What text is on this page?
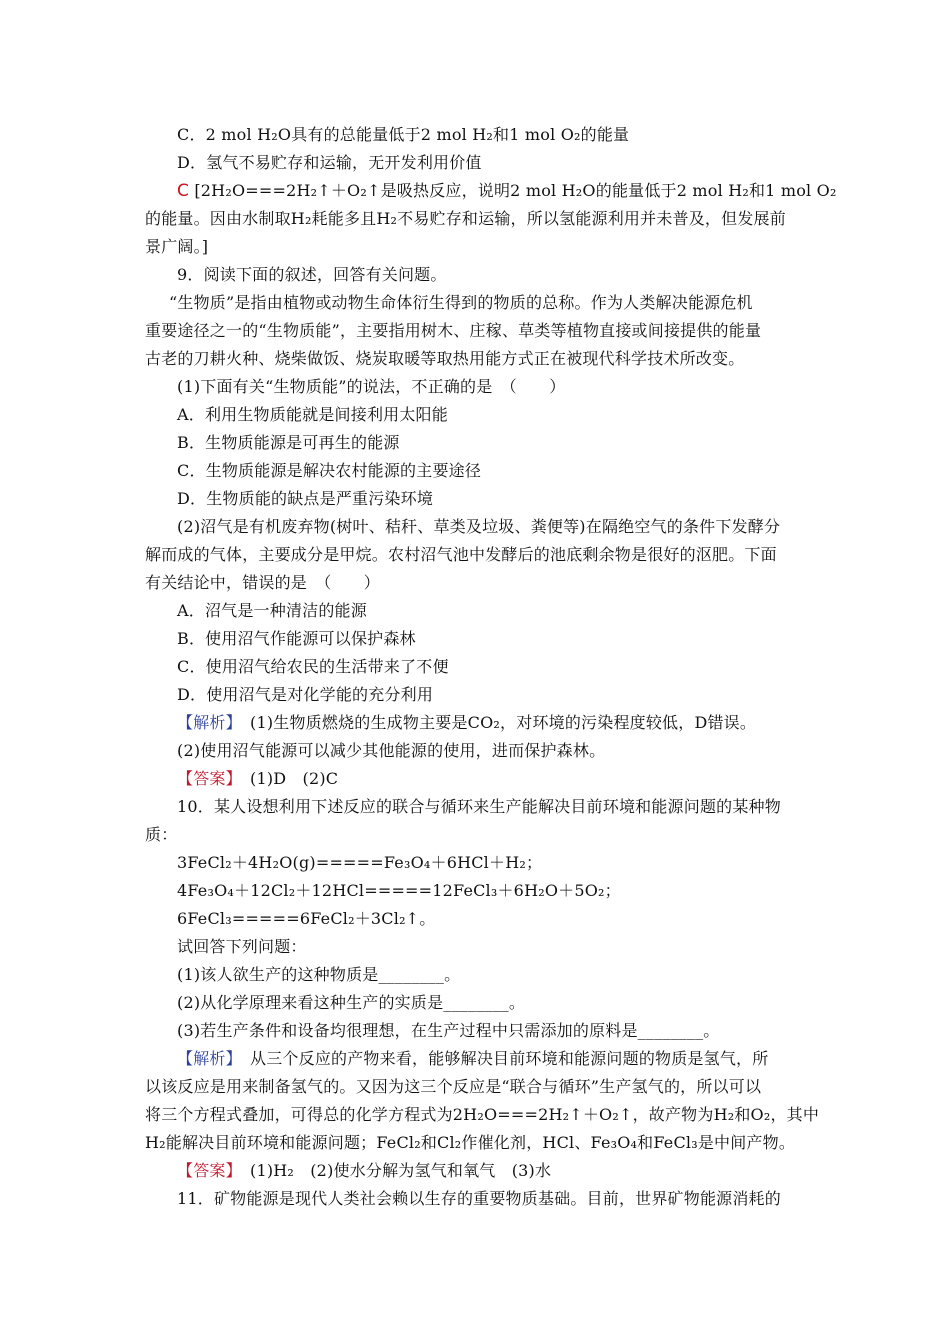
C．2 mol H₂O具有的总能量低于2 mol H₂和1 mol O₂的能量
D．氢气不易贮存和运输，无开发利用价值
C [2H₂O===2H₂↑＋O₂↑是吸热反应，说明2 mol H₂O的能量低于2 mol H₂和1 mol O₂
的能量。因由水制取H₂耗能多且H₂不易贮存和运输，所以氢能源利用并未普及，但发展前
景广阔。]
9．阅读下面的叙述，回答有关问题。
“生物质”是指由植物或动物生命体衍生得到的物质的总称。作为人类解决能源危机
重要途径之一的“生物质能”，主要指用树木、庄稼、草类等植物直接或间接提供的能量
古老的刀耕火种、烧柴做饭、烧炭取暖等取热用能方式正在被现代科学技术所改变。
(1)下面有关“生物质能”的说法，不正确的是　（　　）
A．利用生物质能就是间接利用太阳能
B．生物质能源是可再生的能源
C．生物质能源是解决农村能源的主要途径
D．生物质能的缺点是严重污染环境
(2)沼气是有机废弃物(树叶、秸秆、草类及垃圾、粪便等)在隔绝空气的条件下发酵分
解而成的气体，主要成分是甲烷。农村沼气池中发酵后的池底剩余物是很好的沤肥。下面
有关结论中，错误的是　（　　）
A．沼气是一种清洁的能源
B．使用沼气作能源可以保护森林
C．使用沼气给农民的生活带来了不便
D．使用沼气是对化学能的充分利用
【解析】　(1)生物质燃烧的生成物主要是CO₂，对环境的污染程度较低，D错误。
(2)使用沼气能源可以减少其他能源的使用，进而保护森林。
【答案】　(1)D　(2)C
10．某人设想利用下述反应的联合与循环来生产能解决目前环境和能源问题的某种物
质：
3FeCl₂＋4H₂O(g)=====Fe₃O₄＋6HCl＋H₂；
4Fe₃O₄＋12Cl₂＋12HCl=====12FeCl₃＋6H₂O＋5O₂；
6FeCl₃=====6FeCl₂＋3Cl₂↑。
试回答下列问题：
(1)该人欲生产的这种物质是________。
(2)从化学原理来看这种生产的实质是________。
(3)若生产条件和设备均很理想，在生产过程中只需添加的原料是________。
【解析】　从三个反应的产物来看，能够解决目前环境和能源问题的物质是氢气，所
以该反应是用来制备氢气的。又因为这三个反应是“联合与循环”生产氢气的，所以可以
将三个方程式叠加，可得总的化学方程式为2H₂O===2H₂↑＋O₂↑，故产物为H₂和O₂，其中
H₂能解决目前环境和能源问题；FeCl₂和Cl₂作催化剂，HCl、Fe₃O₄和FeCl₃是中间产物。
【答案】　(1)H₂　(2)使水分解为氢气和氧气　(3)水
11．矿物能源是现代人类社会赖以生存的重要物质基础。目前，世界矿物能源消耗的
